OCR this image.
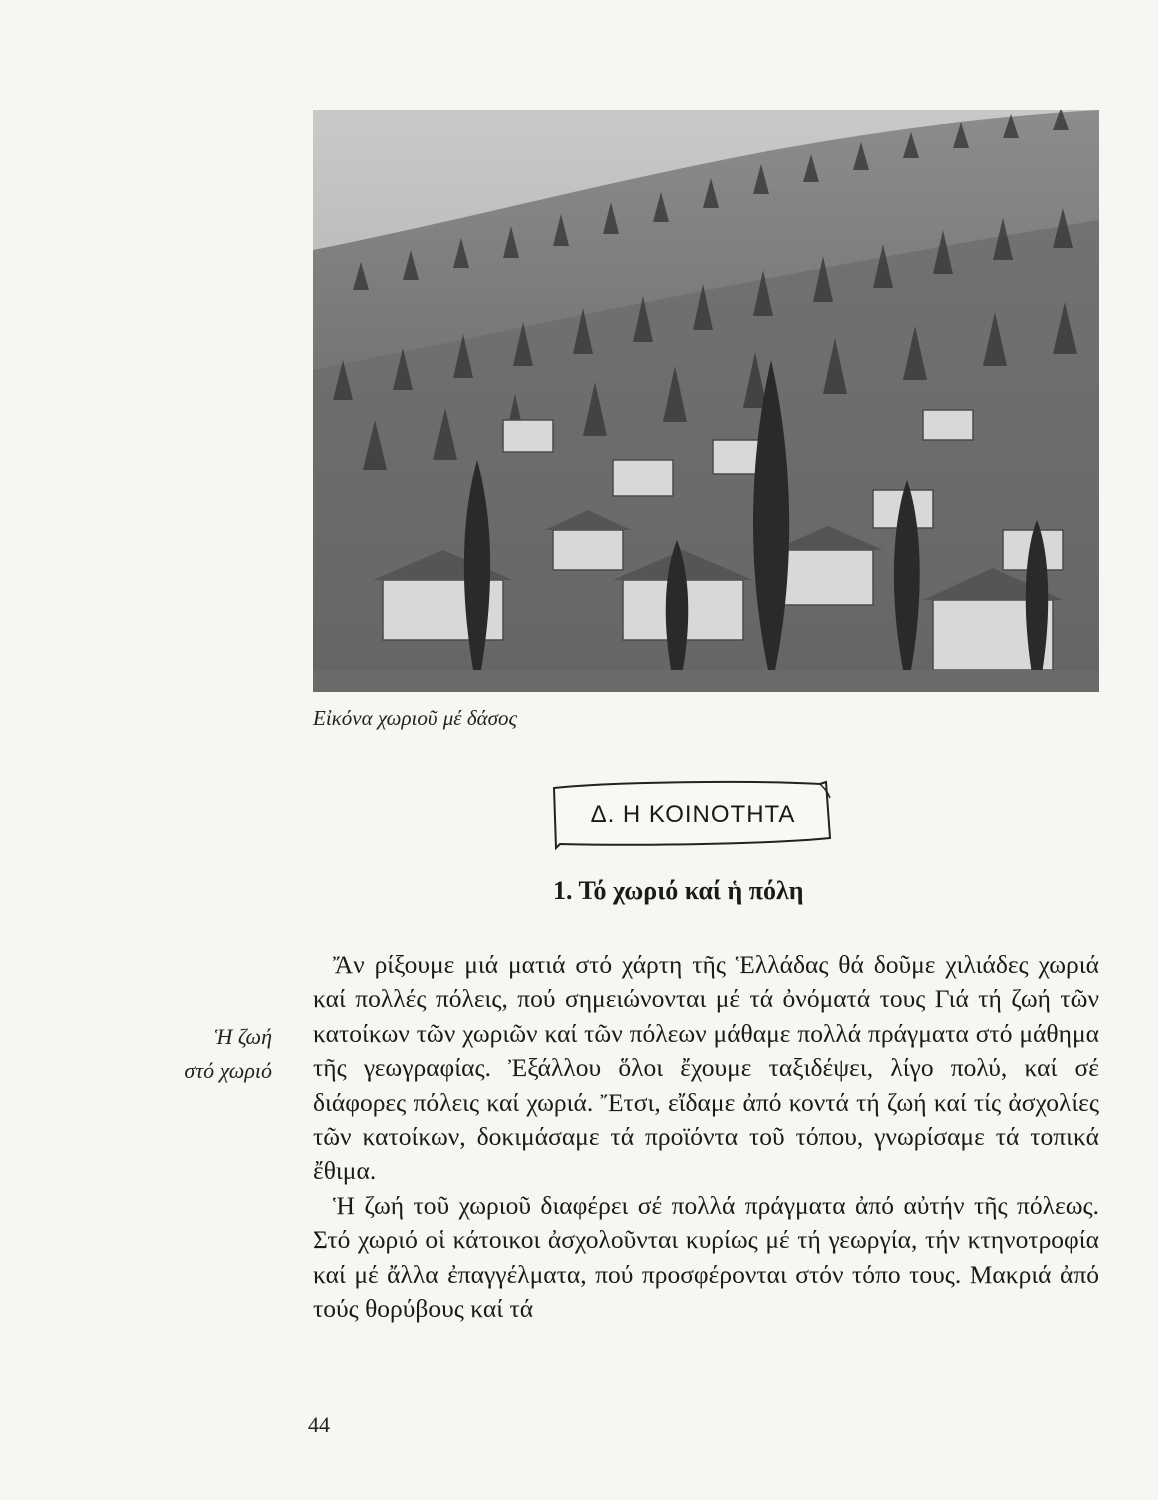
Εἰκόνα χωριοῦ μέ δάσος
Δ. Η ΚΟΙΝΟΤΗΤΑ
1. Τό χωριό καί ἡ πόλη
Ἡ ζωή
στό χωριό

Ἄν ρίξουμε μιά ματιά στό χάρτη τῆς Ἑλλάδας θά δοῦμε χιλιάδες χωριά καί πολλές πόλεις, πού σημειώνονται μέ τά ὀνόματά τους Γιά τή ζωή τῶν κατοίκων τῶν χωριῶν καί τῶν πόλεων μάθαμε πολλά πράγματα στό μάθημα τῆς γεωγραφίας. Ἐξάλλου ὅλοι ἔχουμε ταξιδέψει, λίγο πολύ, καί σέ διάφορες πόλεις καί χωριά. Ἔτσι, εἴδαμε ἀπό κοντά τή ζωή καί τίς ἀσχολίες τῶν κατοίκων, δοκιμάσαμε τά προϊόντα τοῦ τόπου, γνωρίσαμε τά τοπικά ἔθιμα.

Ἡ ζωή τοῦ χωριοῦ διαφέρει σέ πολλά πράγματα ἀπό αὐτήν τῆς πόλεως. Στό χωριό οἱ κάτοικοι ἀσχολοῦνται κυρίως μέ τή γεωργία, τήν κτηνοτροφία καί μέ ἄλλα ἐπαγγέλματα, πού προσφέρονται στόν τόπο τους. Μακριά ἀπό τούς θορύβους καί τά

44
